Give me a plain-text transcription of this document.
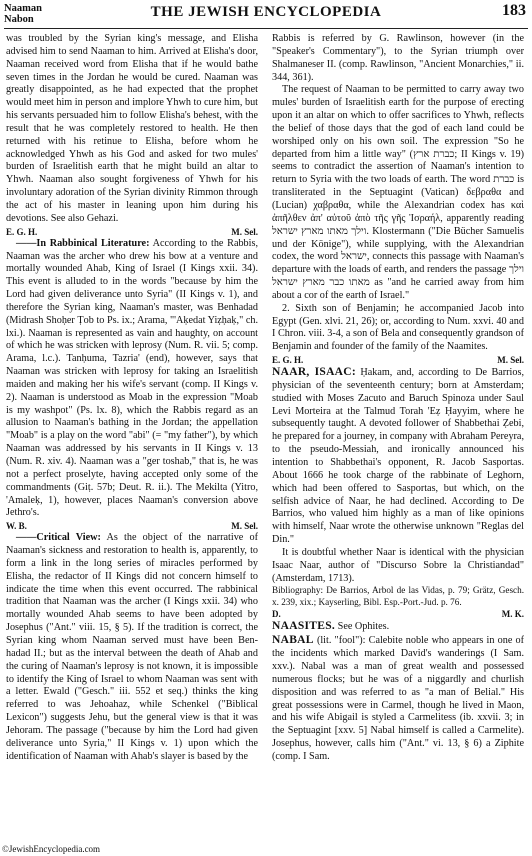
Naaman
Nabon	THE JEWISH ENCYCLOPEDIA	183

was troubled by the Syrian king's message, and Elisha advised him to send Naaman to him. Arrived at Elisha's door, Naaman received word from Elisha that if he would bathe seven times in the Jordan he would be cured. Naaman was greatly disappointed, as he had expected that the prophet would meet him in person and implore Yhwh to cure him, but his servants persuaded him to follow Elisha's behest, with the result that he was completely restored to health. He then returned with his retinue to Elisha, before whom he acknowledged Yhwh as his God and asked for two mules' burden of Israelitish earth that he might build an altar to Yhwh. Naaman also sought forgiveness of Yhwh for his involuntary adoration of the Syrian divinity Rimmon through the act of his master in leaning upon him during his devotions. See also Gehazi.

E. G. H.	M. Sel.

——In Rabbinical Literature: According to the Rabbis, Naaman was the archer who drew his bow at a venture and mortally wounded Ahab, King of Israel (I Kings xxii. 34). This event is alluded to in the words "because by him the Lord had given deliverance unto Syria" (II Kings v. 1), and therefore the Syrian king, Naaman's master, was Benhadad (Midrash Shoḥer Ṭob to Ps. ix.; Arama, "'Aḳedat Yiẓḥaḳ," ch. lxi.). Naaman is represented as vain and haughty, on account of which he was stricken with leprosy (Num. R. vii. 5; comp. Arama, l.c.). Tanḥuma, Tazria' (end), however, says that Naaman was stricken with leprosy for taking an Israelitish maiden and making her his wife's servant (comp. II Kings v. 2). Naaman is understood as Moab in the expression "Moab is my washpot" (Ps. lx. 8), which the Rabbis regard as an allusion to Naaman's bathing in the Jordan; the appellation "Moab" is a play on the word "abi" (= "my father"), by which Naaman was addressed by his servants in II Kings v. 13 (Num. R. xiv. 4). Naaman was a "ger toshab," that is, he was not a perfect proselyte, having accepted only some of the commandments (Giṭ. 57b; Deut. R. ii.). The Mekilta (Yitro, 'Amaleḳ, 1), however, places Naaman's conversion above Jethro's.

W. B.	M. Sel.

——Critical View: As the object of the narrative of Naaman's sickness and restoration to health is, apparently, to form a link in the long series of miracles performed by Elisha, the redactor of II Kings did not concern himself to indicate the time when this event occurred. The rabbinical tradition that Naaman was the archer (I Kings xxii. 34) who mortally wounded Ahab seems to have been adopted by Josephus ("Ant." viii. 15, § 5). If the tradition is correct, the Syrian king whom Naaman served must have been Ben-hadad II.; but as the interval between the death of Ahab and the curing of Naaman's leprosy is not known, it is impossible to identify the King of Israel to whom Naaman was sent with a letter. Ewald ("Gesch." iii. 552 et seq.) thinks the king referred to was Jehoahaz, while Schenkel ("Biblical Lexicon") suggests Jehu, but the general view is that it was Jehoram. The passage ("because by him the Lord had given deliverance unto Syria," II Kings v. 1) upon which the identification of Naaman with Ahab's slayer is based by the

Rabbis is referred by G. Rawlinson, however (in the "Speaker's Commentary"), to the Syrian triumph over Shalmaneser II. (comp. Rawlinson, "Ancient Monarchies," ii. 344, 361).

The request of Naaman to be permitted to carry away two mules' burden of Israelitish earth for the purpose of erecting upon it an altar on which to offer sacrifices to Yhwh, reflects the belief of those days that the god of each land could be worshiped only on his own soil. The expression "So he departed from him a little way" (כברת ארץ; II Kings v. 19) seems to contradict the assertion of Naaman's intention to return to Syria with the two loads of earth. The word כברת is transliterated in the Septuagint (Vatican) δεβραθα and (Lucian) χαβραθα, while the Alexandrian codex has καὶ ἀπῆλθεν ἀπ' αὐτοῦ ἀπὸ τῆς γῆς Ἰσραήλ, apparently reading וילך מאתו מארץ ישראל. Klostermann ("Die Bücher Samuelis und der Könige"), while supplying, with the Alexandrian codex, the word ישראל, connects this passage with Naaman's departure with the loads of earth, and renders the passage וילך מאתו כבר מארץ ישראל as "and he carried away from him about a cor of the earth of Israel."

2. Sixth son of Benjamin; he accompanied Jacob into Egypt (Gen. xlvi. 21, 26); or, according to Num. xxvi. 40 and I Chron. viii. 3-4, a son of Bela and consequently grandson of Benjamin and founder of the family of the Naamites.

E. G. H.	M. Sel.

NAAR, ISAAC: Ḥakam, and, according to De Barrios, physician of the seventeenth century; born at Amsterdam; studied with Moses Zacuto and Baruch Spinoza under Saul Levi Morteira at the Talmud Torah 'Eẓ Ḥayyim, where he subsequently taught. A devoted follower of Shabbethai Ẓebi, he prepared for a journey, in company with Abraham Pereyra, to the pseudo-Messiah, and ironically announced his intention to Shabbethai's opponent, R. Jacob Sasportas. About 1666 he took charge of the rabbinate of Leghorn, which had been offered to Sasportas, but which, on the selfish advice of Naar, he had declined. According to De Barrios, who valued him highly as a man of like opinions with himself, Naar wrote the otherwise unknown "Reglas del Din."

It is doubtful whether Naar is identical with the physician Isaac Naar, author of "Discurso Sobre la Christiandad" (Amsterdam, 1713).

Bibliography: De Barrios, Arbol de las Vidas, p. 79; Grätz, Gesch. x. 239, xix.; Kayserling, Bibl. Esp.-Port.-Jud. p. 76.

D.	M. K.

NAASITES. See Ophites.

NABAL (lit. "fool"): Calebite noble who appears in one of the incidents which marked David's wanderings (I Sam. xxv.). Nabal was a man of great wealth and possessed numerous flocks; but he was of a niggardly and churlish disposition and was referred to as "a man of Belial." His great possessions were in Carmel, though he lived in Maon, and his wife Abigail is styled a Carmelitess (ib. xxvii. 3; in the Septuagint [xxv. 5] Nabal himself is called a Carmelite). Josephus, however, calls him ("Ant." vi. 13, § 6) a Ziphite (comp. I Sam.

©JewishEncyclopedia.com
